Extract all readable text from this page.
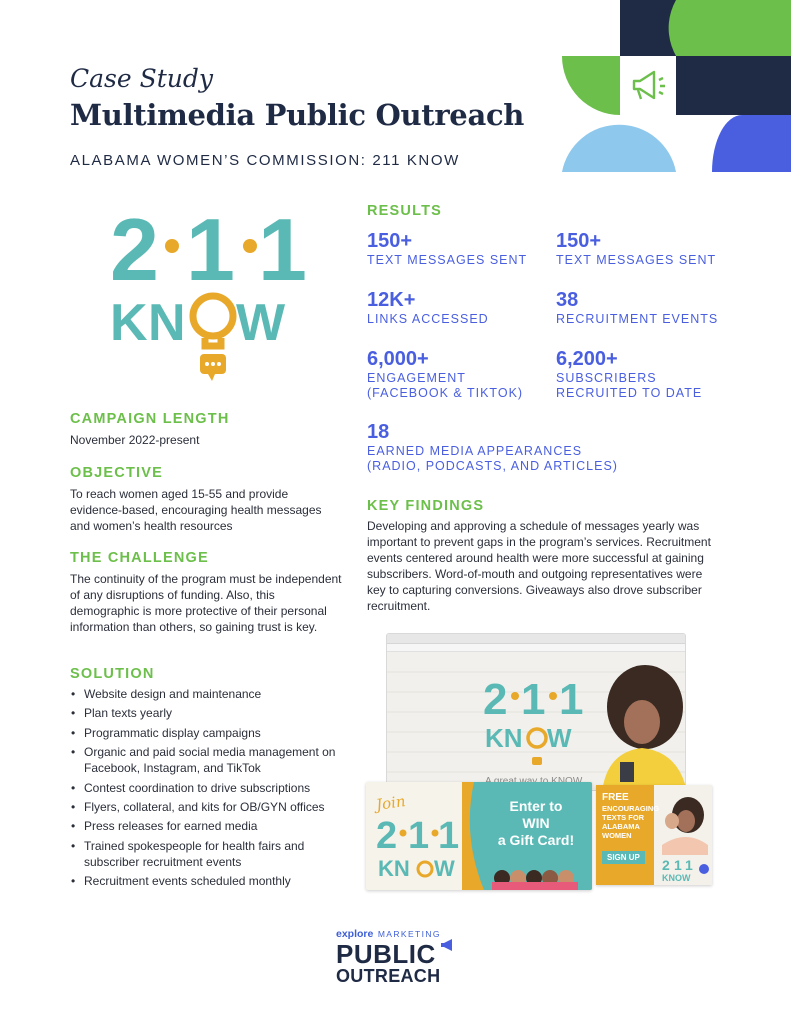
Case Study
Multimedia Public Outreach
ALABAMA WOMEN’S COMMISSION: 211 KNOW
2 1 1
K N W
CAMPAIGN LENGTH
November 2022-present
OBJECTIVE
To reach women aged 15-55 and provide evidence-based, encouraging health messages and women’s health resources
THE CHALLENGE
The continuity of the program must be independent of any disruptions of funding. Also, this demographic is more protective of their personal information than others, so gaining trust is key.
SOLUTION
• Website design and maintenance
• Plan texts yearly
• Programmatic display campaigns
• Organic and paid social media management on Facebook, Instagram, and TikTok
• Contest coordination to drive subscriptions
• Flyers, collateral, and kits for OB/GYN offices
• Press releases for earned media
• Trained spokespeople for health fairs and subscriber recruitment events
• Recruitment events scheduled monthly
RESULTS
150+
TEXT MESSAGES SENT
150+
TEXT MESSAGES SENT
12K+
LINKS ACCESSED
38
RECRUITMENT EVENTS
6,000+
ENGAGEMENT
(FACEBOOK & TIKTOK)
6,200+
SUBSCRIBERS
RECRUITED TO DATE
18
EARNED MEDIA APPEARANCES
(RADIO, PODCASTS, AND ARTICLES)
KEY FINDINGS
Developing and approving a schedule of messages yearly was important to prevent gaps in the program’s services. Recruitment events centered around health were more successful at gaining subscribers. Word-of-mouth and outgoing representatives were key to capturing conversions. Giveaways also drove subscriber recruitment.
2 1 1
KN W
Join
2 1 1
KN W
Enter to
WIN
a Gift Card!
FREE
ENCOURAGING
TEXTS FOR
ALABAMA
WOMEN
SIGN UP	2 1 1
KNOW
explore MARKETING
PUBLIC
OUTREACH
